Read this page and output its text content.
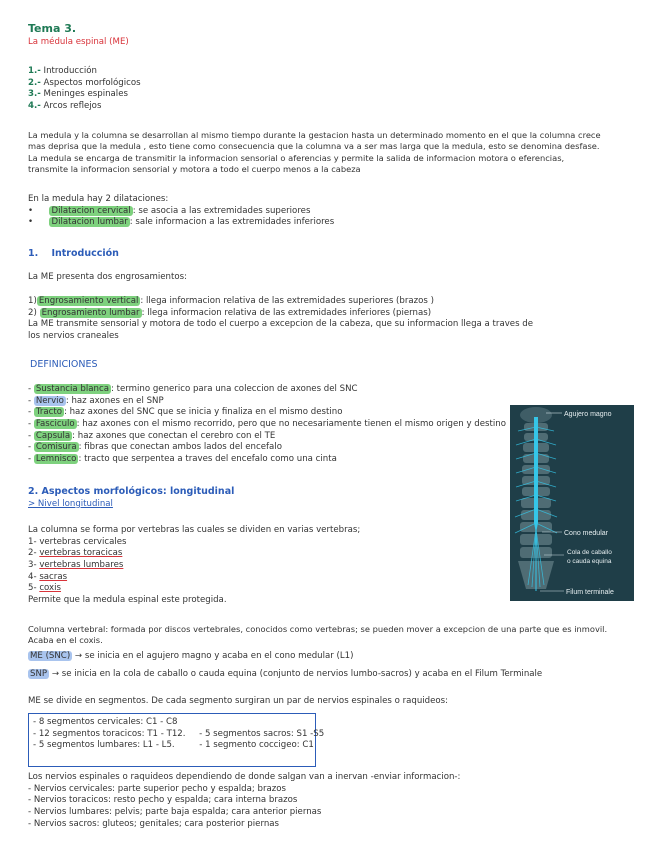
Tema 3.
La médula espinal (ME)
1.- Introducción
2.- Aspectos morfológicos
3.- Meninges espinales
4.- Arcos reflejos
La medula y la columna se desarrollan al mismo tiempo durante la gestacion hasta un determinado momento en el que la columna crece
mas deprisa que la medula , esto tiene como consecuencia que la columna va a ser mas larga que la medula, esto se denomina desfase.
La medula se encarga de transmitir la informacion sensorial o aferencias y permite la salida de informacion motora o eferencias,
transmite la informacion sensorial y motora a todo el cuerpo menos a la cabeza
En la medula hay 2 dilataciones:
•      Dilatacion cervical : se asocia a las extremidades superiores
•      Dilatacion lumbar : sale informacion a las extremidades inferiores
1. Introducción
La ME presenta dos engrosamientos:
1) Engrosamiento vertical : llega informacion relativa de las extremidades superiores (brazos )
2) Engrosamiento lumbar : llega informacion relativa de las extremidades inferiores (piernas)
La ME transmite sensorial y motora de todo el cuerpo a excepcion de la cabeza, que su informacion llega a traves de
los nervios craneales
DEFINICIONES
- Sustancia blanca : termino generico para una coleccion de axones del SNC
- Nervio : haz axones en el SNP
- Tracto : haz axones del SNC que se inicia y finaliza en el mismo destino
- Fasciculo : haz axones con el mismo recorrido, pero que no necesariamente tienen el mismo origen y destino
- Capsula : haz axones que conectan el cerebro con el TE
- Comisura : fibras que conectan ambos lados del encefalo
- Lemnisco : tracto que serpentea a traves del encefalo como una cinta
Agujero magno
Cono medular
Cola de caballo
o cauda equina
Filum terminale
2. Aspectos morfológicos: longitudinal
> Nivel longitudinal
La columna se forma por vertebras las cuales se dividen en varias vertebras;
1- vertebras cervicales
2- vertebras toracicas
3- vertebras lumbares
4- sacras
5- coxis
Permite que la medula espinal este protegida.
Columna vertebral: formada por discos vertebrales, conocidos como vertebras; se pueden mover a excepcion de una parte que es inmovil.
Acaba en el coxis.
ME (SNC) → se inicia en el agujero magno y acaba en el cono medular (L1)
SNP → se inicia en la cola de caballo o cauda equina (conjunto de nervios lumbo-sacros) y acaba en el Filum Terminale
ME se divide en segmentos. De cada segmento surgiran un par de nervios espinales o raquideos:
- 8 segmentos cervicales: C1 - C8
- 12 segmentos toracicos: T1 - T12.     - 5 segmentos sacros: S1 -S5
- 5 segmentos lumbares: L1 - L5.         - 1 segmento coccigeo: C1
Los nervios espinales o raquideos dependiendo de donde salgan van a inervan -enviar informacion-:
- Nervios cervicales: parte superior pecho y espalda; brazos
- Nervios toracicos: resto pecho y espalda; cara interna brazos
- Nervios lumbares: pelvis; parte baja espalda; cara anterior piernas
- Nervios sacros: gluteos; genitales; cara posterior piernas
